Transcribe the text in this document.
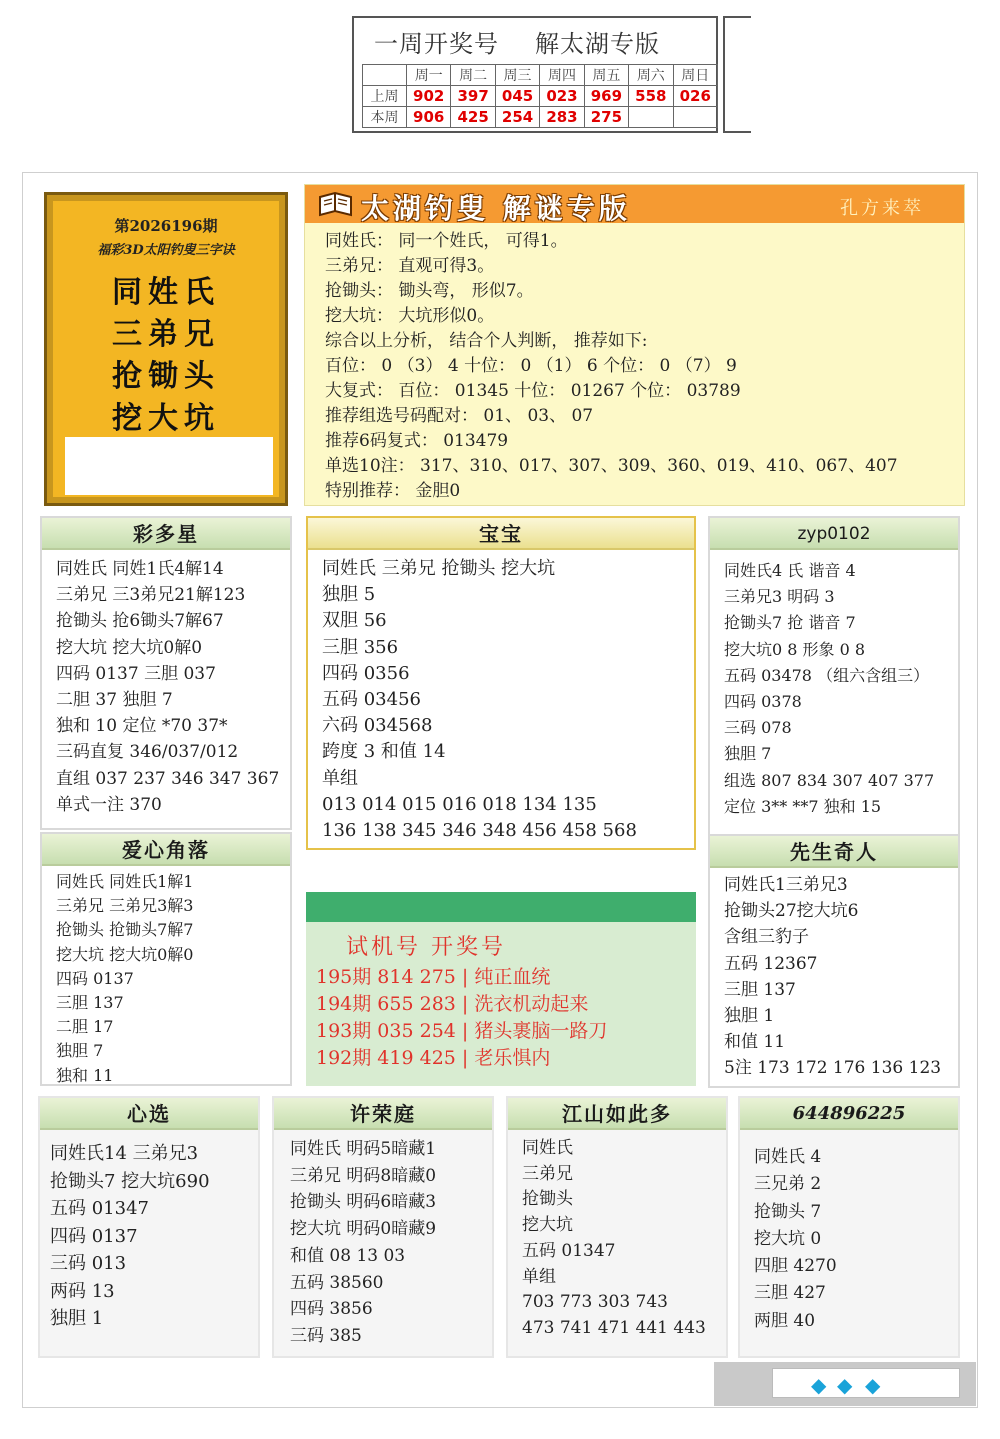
一周开奖号 解太湖专版
	周一	周二	周三	周四	周五	周六	周日
上周	902	397	045	023	969	558	026
本周	906	425	254	283	275		
第2026196期
福彩3D太阳钓叟三字诀
同姓氏
三弟兄
抢锄头
挖大坑
太湖钓叟 解谜专版	孔方来萃
同姓氏： 同一个姓氏， 可得1。
三弟兄： 直观可得3。
抢锄头： 锄头弯， 形似7。
挖大坑： 大坑形似0。
综合以上分析， 结合个人判断， 推荐如下:
百位： 0 （3） 4 十位： 0 （1） 6 个位： 0 （7） 9
大复式： 百位： 01345 十位： 01267 个位： 03789
推荐组选号码配对： 01、 03、 07
推荐6码复式： 013479
单选10注： 317、310、017、307、309、360、019、410、067、407
特别推荐： 金胆0
彩多星
同姓氏 同姓1氏4解14
三弟兄 三3弟兄21解123
抢锄头 抢6锄头7解67
挖大坑 挖大坑0解0
四码 0137 三胆 037
二胆 37 独胆 7
独和 10 定位 *70 37*
三码直复 346/037/012
直组 037 237 346 347 367
单式一注 370
宝宝
同姓氏 三弟兄 抢锄头 挖大坑
独胆 5
双胆 56
三胆 356
四码 0356
五码 03456
六码 034568
跨度 3 和值 14
单组
013 014 015 016 018 134 135
136 138 345 346 348 456 458 568
zyp0102
同姓氏4 氏 谐音 4
三弟兄3 明码 3
抢锄头7 抢 谐音 7
挖大坑0 8 形象 0 8
五码 03478 （组六含组三）
四码 0378
三码 078
独胆 7
组选 807 834 307 407 377
定位 3** **7 独和 15
爱心角落
同姓氏 同姓氏1解1
三弟兄 三弟兄3解3
抢锄头 抢锄头7解7
挖大坑 挖大坑0解0
四码 0137
三胆 137
二胆 17
独胆 7
独和 11
先生奇人
同姓氏1三弟兄3
抢锄头27挖大坑6
含组三豹子
五码 12367
三胆 137
独胆 1
和值 11
5注 173 172 176 136 123
试机号 开奖号
195期 814 275 | 纯正血统
194期 655 283 | 洗衣机动起来
193期 035 254 | 猪头裹脑一路刀
192期 419 425 | 老乐惧内
心选
同姓氏14 三弟兄3
抢锄头7 挖大坑690
五码 01347
四码 0137
三码 013
两码 13
独胆 1
许荣庭
同姓氏 明码5暗藏1
三弟兄 明码8暗藏0
抢锄头 明码6暗藏3
挖大坑 明码0暗藏9
和值 08 13 03
五码 38560
四码 3856
三码 385
江山如此多
同姓氏
三弟兄
抢锄头
挖大坑
五码 01347
单组
703 773 303 743
473 741 471 441 443
644896225
同姓氏 4
三兄弟 2
抢锄头 7
挖大坑 0
四胆 4270
三胆 427
两胆 40
◆ ◆ ◆
